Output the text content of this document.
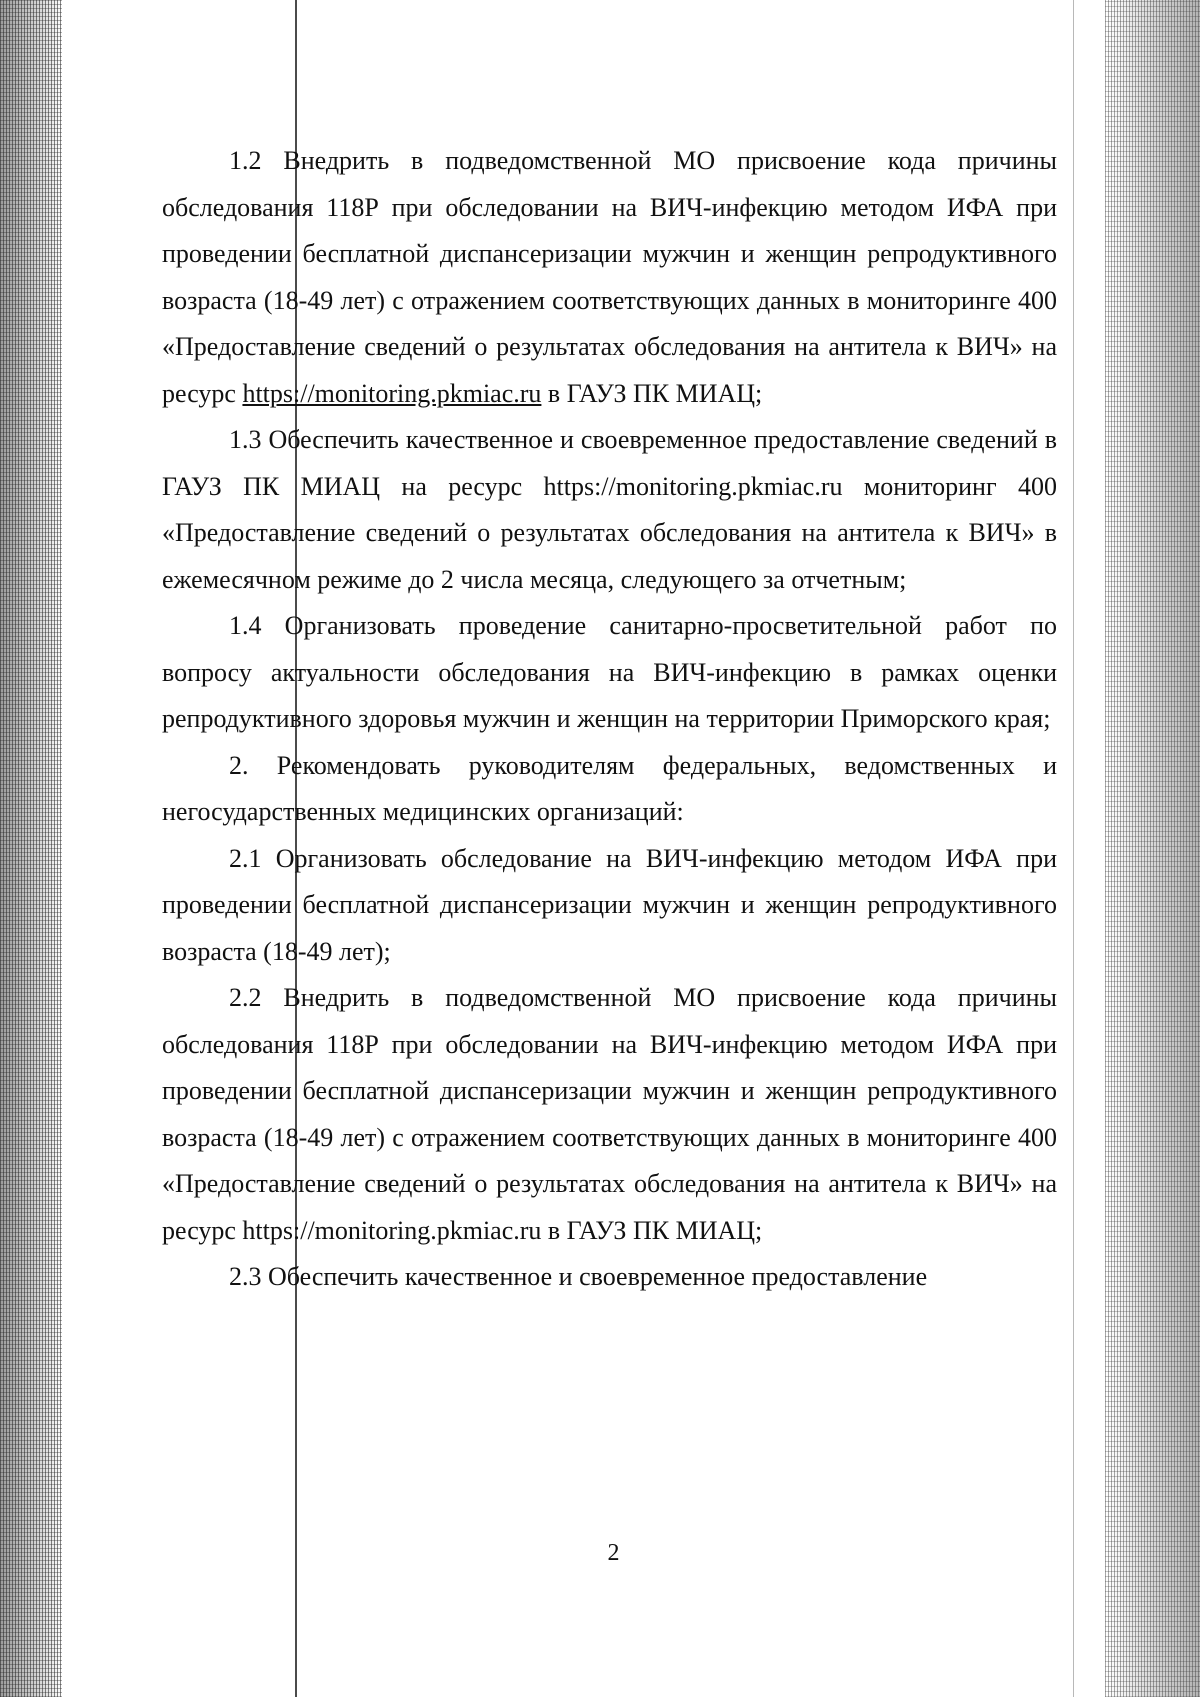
1.2 Внедрить в подведомственной МО присвоение кода причины обследования 118Р при обследовании на ВИЧ-инфекцию методом ИФА при проведении бесплатной диспансеризации мужчин и женщин репродуктивного возраста (18-49 лет) с отражением соответствующих данных в мониторинге 400 «Предоставление сведений о результатах обследования на антитела к ВИЧ» на ресурс https://monitoring.pkmiac.ru в ГАУЗ ПК МИАЦ;

1.3 Обеспечить качественное и своевременное предоставление сведений в ГАУЗ ПК МИАЦ на ресурс https://monitoring.pkmiac.ru мониторинг 400 «Предоставление сведений о результатах обследования на антитела к ВИЧ» в ежемесячном режиме до 2 числа месяца, следующего за отчетным;

1.4 Организовать проведение санитарно-просветительной работ по вопросу актуальности обследования на ВИЧ-инфекцию в рамках оценки репродуктивного здоровья мужчин и женщин на территории Приморского края;

2. Рекомендовать руководителям федеральных, ведомственных и негосударственных медицинских организаций:

2.1 Организовать обследование на ВИЧ-инфекцию методом ИФА при проведении бесплатной диспансеризации мужчин и женщин репродуктивного возраста (18-49 лет);

2.2 Внедрить в подведомственной МО присвоение кода причины обследования 118Р при обследовании на ВИЧ-инфекцию методом ИФА при проведении бесплатной диспансеризации мужчин и женщин репродуктивного возраста (18-49 лет) с отражением соответствующих данных в мониторинге 400 «Предоставление сведений о результатах обследования на антитела к ВИЧ» на ресурс https://monitoring.pkmiac.ru в ГАУЗ ПК МИАЦ;

2.3 Обеспечить качественное и своевременное предоставление

2
